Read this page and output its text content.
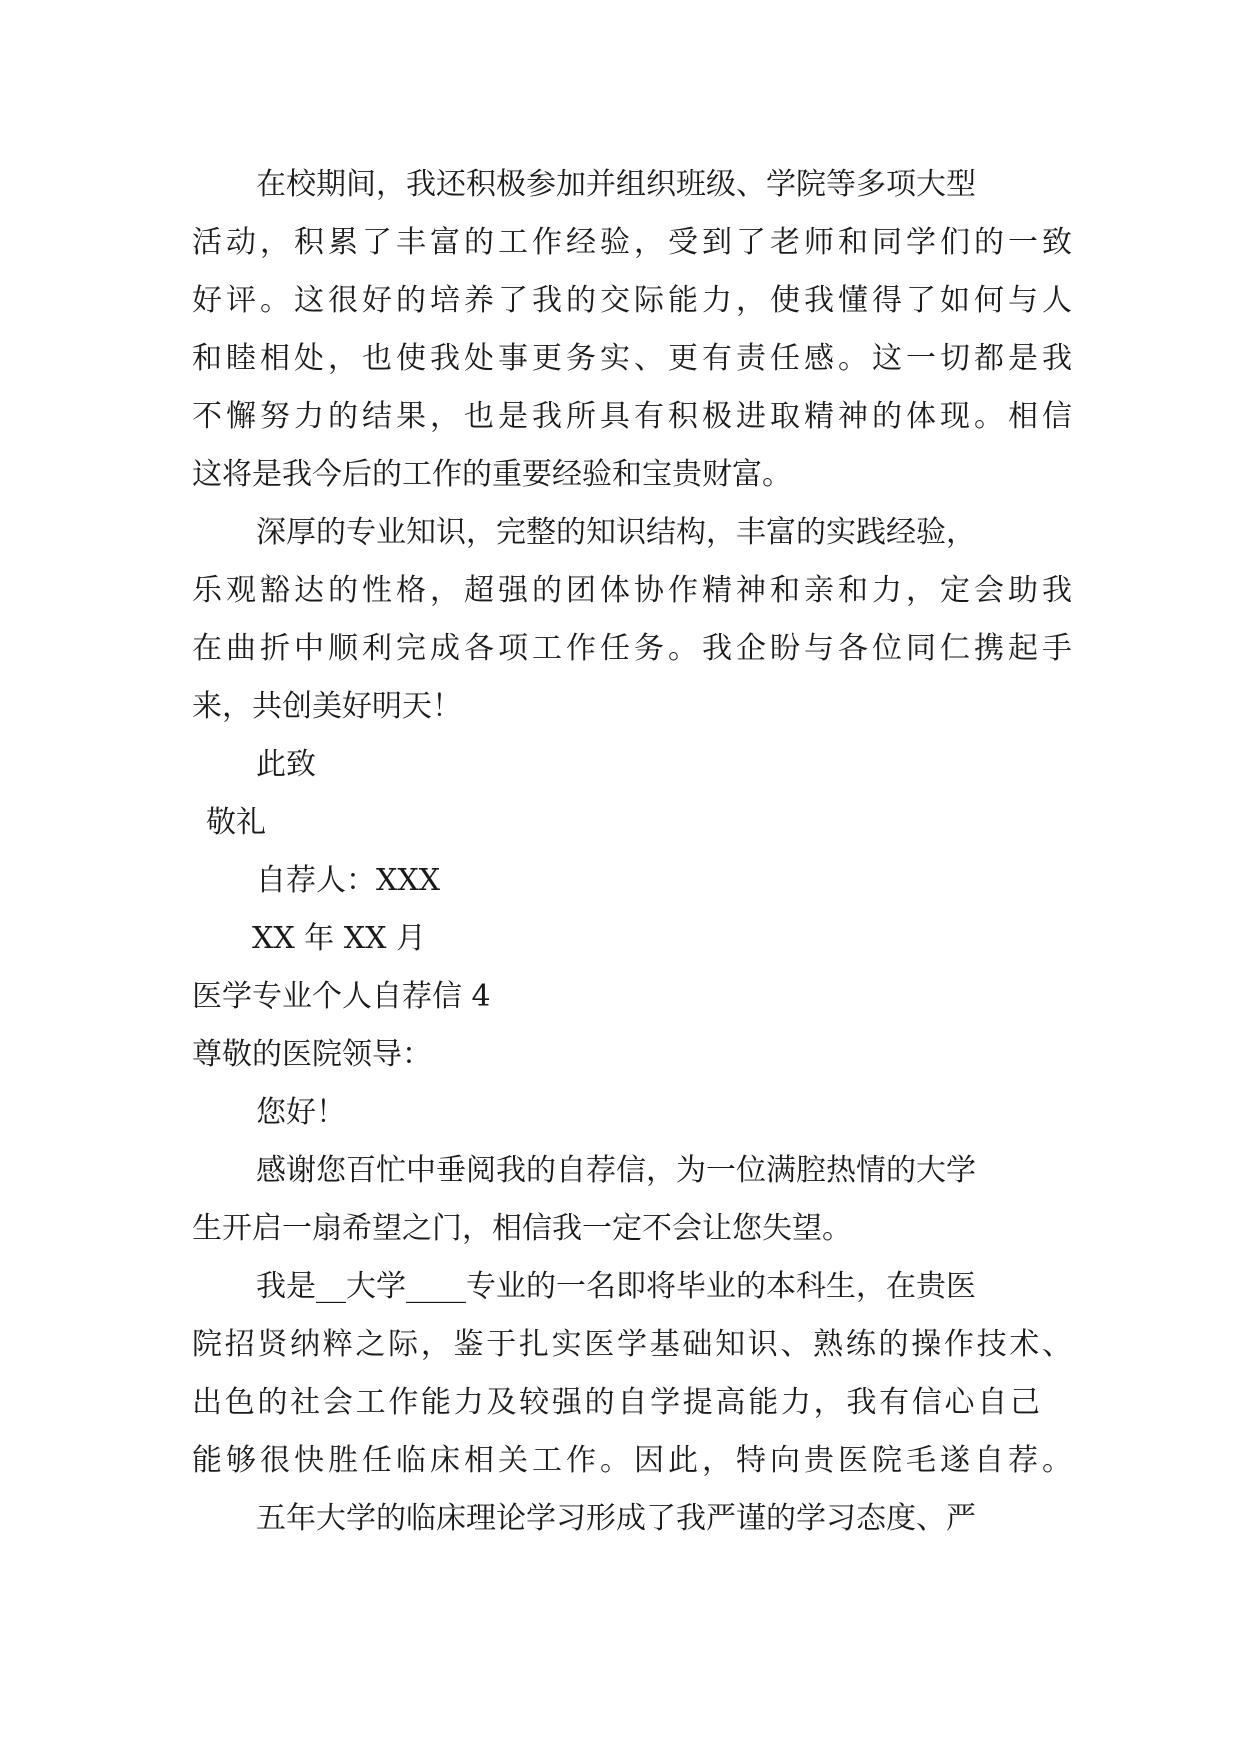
在校期间，我还积极参加并组织班级、学院等多项大型
活动，积累了丰富的工作经验，受到了老师和同学们的一致
好评。这很好的培养了我的交际能力，使我懂得了如何与人
和睦相处，也使我处事更务实、更有责任感。这一切都是我
不懈努力的结果，也是我所具有积极进取精神的体现。相信
这将是我今后的工作的重要经验和宝贵财富。
深厚的专业知识，完整的知识结构，丰富的实践经验，
乐观豁达的性格，超强的团体协作精神和亲和力，定会助我
在曲折中顺利完成各项工作任务。我企盼与各位同仁携起手
来，共创美好明天！
此致
敬礼
自荐人：XXX
XX 年 XX 月
医学专业个人自荐信 4
尊敬的医院领导：
您好！
感谢您百忙中垂阅我的自荐信，为一位满腔热情的大学
生开启一扇希望之门，相信我一定不会让您失望。
我是__大学____专业的一名即将毕业的本科生，在贵医
院招贤纳粹之际，鉴于扎实医学基础知识、熟练的操作技术、
出色的社会工作能力及较强的自学提高能力，我有信心自己
能够很快胜任临床相关工作。因此，特向贵医院毛遂自荐。
五年大学的临床理论学习形成了我严谨的学习态度、严
